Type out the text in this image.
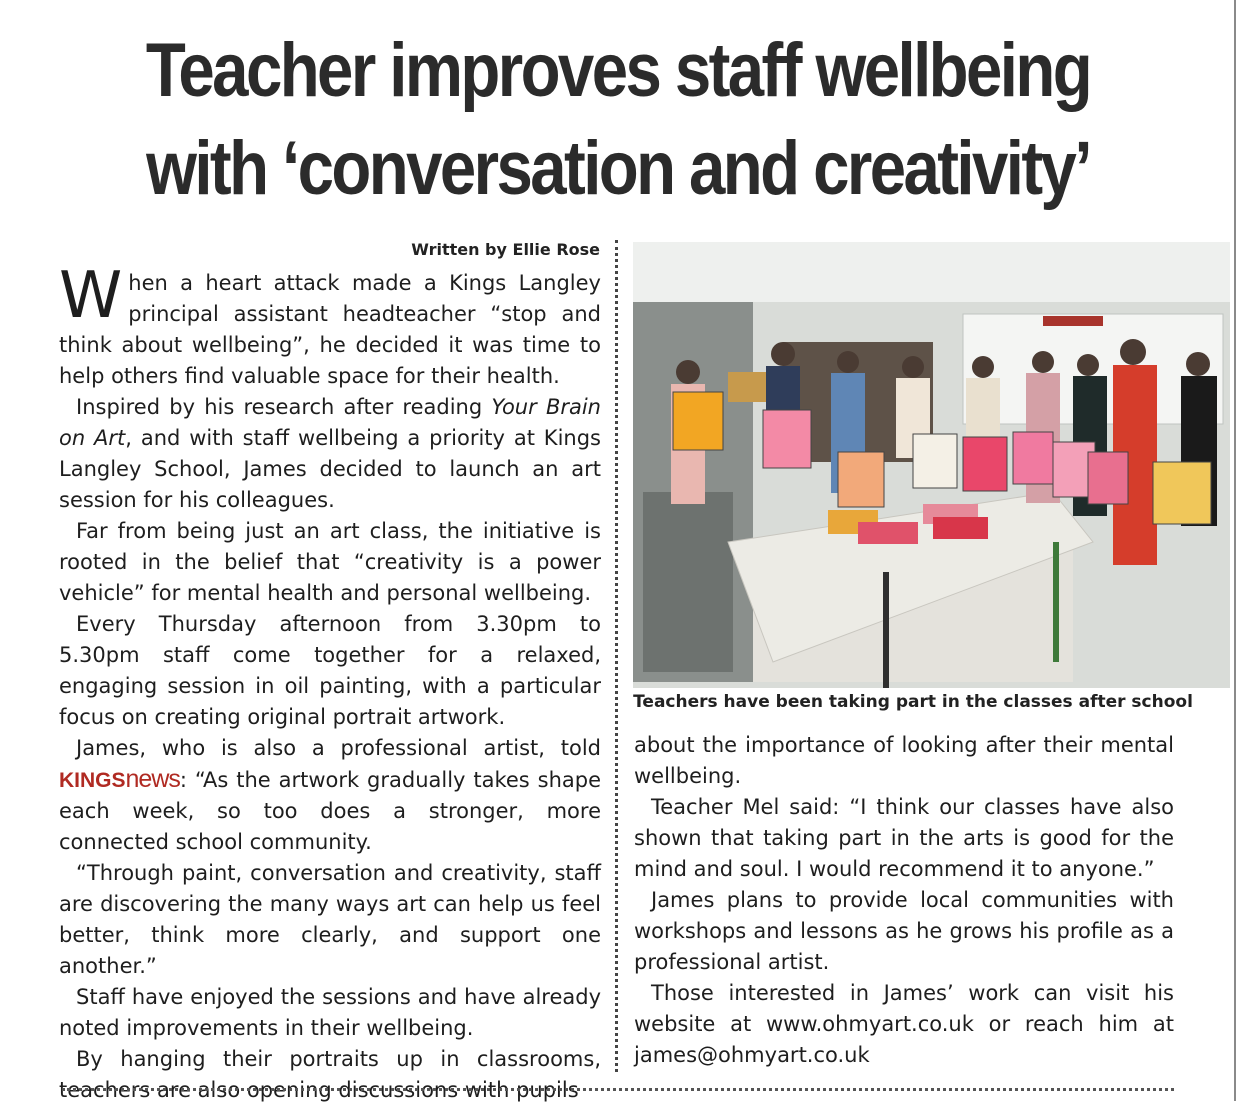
Teacher improves staff wellbeing
with ‘conversation and creativity’
Written by Ellie Rose

When a heart attack made a Kings Langley principal assistant headteacher “stop and think about wellbeing”, he decided it was time to help others find valuable space for their health.

Inspired by his research after reading Your Brain on Art, and with staff wellbeing a priority at Kings Langley School, James decided to launch an art session for his colleagues.

Far from being just an art class, the initiative is rooted in the belief that “creativity is a power vehicle” for mental health and personal wellbeing.

Every Thursday afternoon from 3.30pm to 5.30pm staff come together for a relaxed, engaging session in oil painting, with a particular focus on creating original portrait artwork.

James, who is also a professional artist, told KINGSnews: “As the artwork gradually takes shape each week, so too does a stronger, more connected school community.

“Through paint, conversation and creativity, staff are discovering the many ways art can help us feel better, think more clearly, and support one another.”

Staff have enjoyed the sessions and have already noted improvements in their wellbeing.

By hanging their portraits up in classrooms, teachers are also opening discussions with pupils

Teachers have been taking part in the classes after school

about the importance of looking after their mental wellbeing.

Teacher Mel said: “I think our classes have also shown that taking part in the arts is good for the mind and soul. I would recommend it to anyone.”

James plans to provide local communities with workshops and lessons as he grows his profile as a professional artist.

Those interested in James’ work can visit his website at www.ohmyart.co.uk or reach him at james@ohmyart.co.uk
